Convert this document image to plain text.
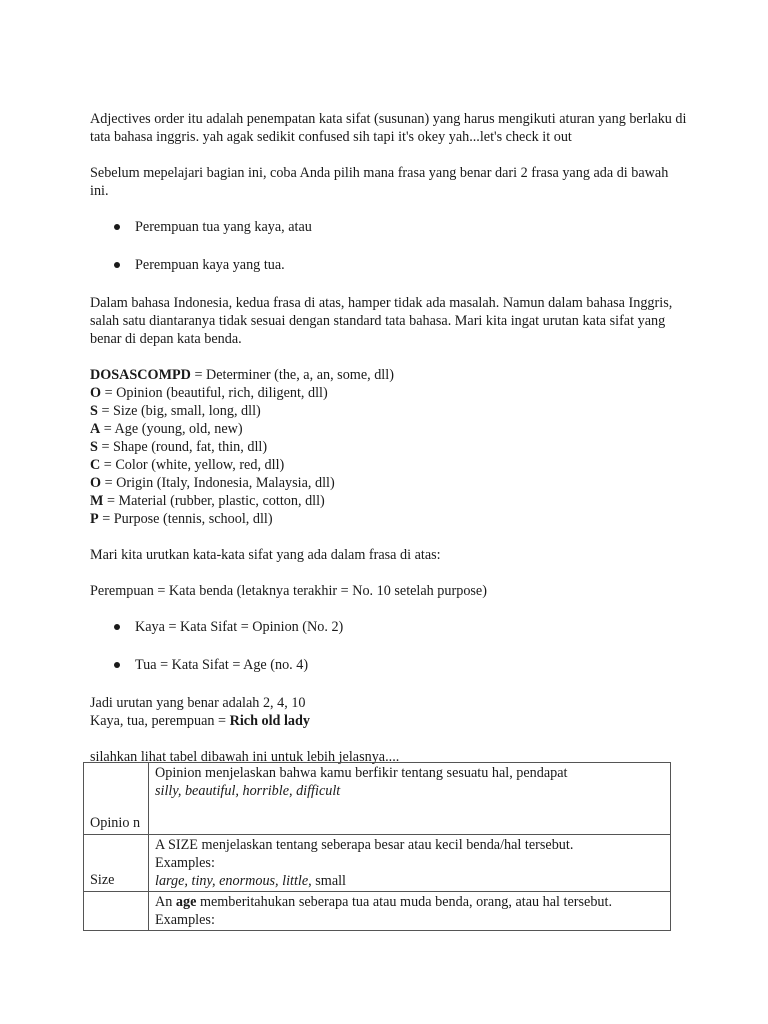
Adjectives order itu adalah penempatan kata sifat (susunan) yang harus mengikuti aturan yang berlaku di tata bahasa inggris. yah agak sedikit confused sih tapi it's okey yah...let's check it out

Sebelum mepelajari bagian ini, coba Anda pilih mana frasa yang benar dari 2 frasa yang ada di bawah ini.

Perempuan tua yang kaya, atau
Perempuan kaya yang tua.

Dalam bahasa Indonesia, kedua frasa di atas, hamper tidak ada masalah. Namun dalam bahasa Inggris, salah satu diantaranya tidak sesuai dengan standard tata bahasa. Mari kita ingat urutan kata sifat yang benar di depan kata benda.

DOSASCOMPD = Determiner (the, a, an, some, dll)
O = Opinion (beautiful, rich, diligent, dll)
S = Size (big, small, long, dll)
A = Age (young, old, new)
S = Shape (round, fat, thin, dll)
C = Color (white, yellow, red, dll)
O = Origin (Italy, Indonesia, Malaysia, dll)
M = Material (rubber, plastic, cotton, dll)
P = Purpose (tennis, school, dll)

Mari kita urutkan kata-kata sifat yang ada dalam frasa di atas:

Perempuan = Kata benda (letaknya terakhir = No. 10 setelah purpose)

Kaya = Kata Sifat = Opinion (No. 2)
Tua = Kata Sifat = Age (no. 4)

Jadi urutan yang benar adalah 2, 4, 10

Kaya, tua, perempuan = Rich old lady

silahkan lihat tabel dibawah ini untuk lebih jelasnya....

Opinio n	Opinion menjelaskan bahwa kamu berfikir tentang sesuatu hal, pendapat
silly, beautiful, horrible, difficult
Size	A SIZE menjelaskan tentang seberapa besar atau kecil benda/hal tersebut.
Examples:
large, tiny, enormous, little, small
	An age memberitahukan seberapa tua atau muda benda, orang, atau hal tersebut.
Examples:
